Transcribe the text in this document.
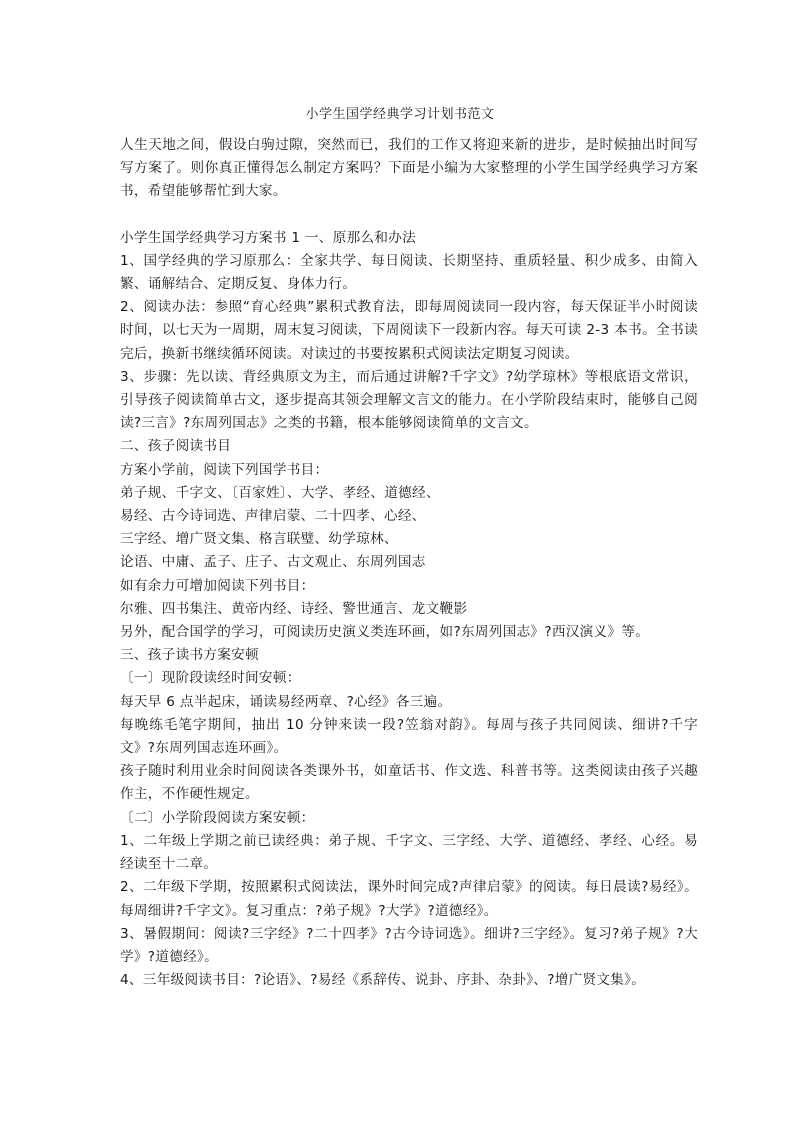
小学生国学经典学习计划书范文

人生天地之间，假设白驹过隙，突然而已，我们的工作又将迎来新的进步，是时候抽出时间写写方案了。则你真正懂得怎么制定方案吗？下面是小编为大家整理的小学生国学经典学习方案书，希望能够帮忙到大家。

小学生国学经典学习方案书 1 一、原那么和办法

1、国学经典的学习原那么：全家共学、每日阅读、长期坚持、重质轻量、积少成多、由简入繁、诵解结合、定期反复、身体力行。

2、阅读办法：参照“育心经典”累积式教育法，即每周阅读同一段内容，每天保证半小时阅读时间，以七天为一周期，周末复习阅读，下周阅读下一段新内容。每天可读 2-3 本书。全书读完后，换新书继续循环阅读。对读过的书要按累积式阅读法定期复习阅读。

3、步骤：先以读、背经典原文为主，而后通过讲解?千字文》?幼学琼林》等根底语文常识，引导孩子阅读简单古文，逐步提高其领会理解文言文的能力。在小学阶段结束时，能够自己阅读?三言》?东周列国志》之类的书籍，根本能够阅读简单的文言文。

二、孩子阅读书目

方案小学前，阅读下列国学书目：

弟子规、千字文、〔百家姓〕、大学、孝经、道德经、

易经、古今诗词选、声律启蒙、二十四孝、心经、

三字经、增广贤文集、格言联璧、幼学琼林、

论语、中庸、孟子、庄子、古文观止、东周列国志

如有余力可增加阅读下列书目：

尔雅、四书集注、黄帝内经、诗经、警世通言、龙文鞭影

另外，配合国学的学习，可阅读历史演义类连环画，如?东周列国志》?西汉演义》等。

三、孩子读书方案安顿

〔一〕现阶段读经时间安顿：

每天早 6 点半起床，诵读易经两章、?心经》各三遍。

每晚练毛笔字期间，抽出 10 分钟来读一段?笠翁对韵》。每周与孩子共同阅读、细讲?千字文》?东周列国志连环画》。

孩子随时利用业余时间阅读各类课外书，如童话书、作文选、科普书等。这类阅读由孩子兴趣作主，不作硬性规定。

〔二〕小学阶段阅读方案安顿：

1、二年级上学期之前已读经典：弟子规、千字文、三字经、大学、道德经、孝经、心经。易经读至十二章。

2、二年级下学期，按照累积式阅读法，课外时间完成?声律启蒙》的阅读。每日晨读?易经》。每周细讲?千字文》。复习重点：?弟子规》?大学》?道德经》。

3、暑假期间：阅读?三字经》?二十四孝》?古今诗词选》。细讲?三字经》。复习?弟子规》?大学》?道德经》。

4、三年级阅读书目：?论语》、?易经《系辞传、说卦、序卦、杂卦》、?增广贤文集》。
